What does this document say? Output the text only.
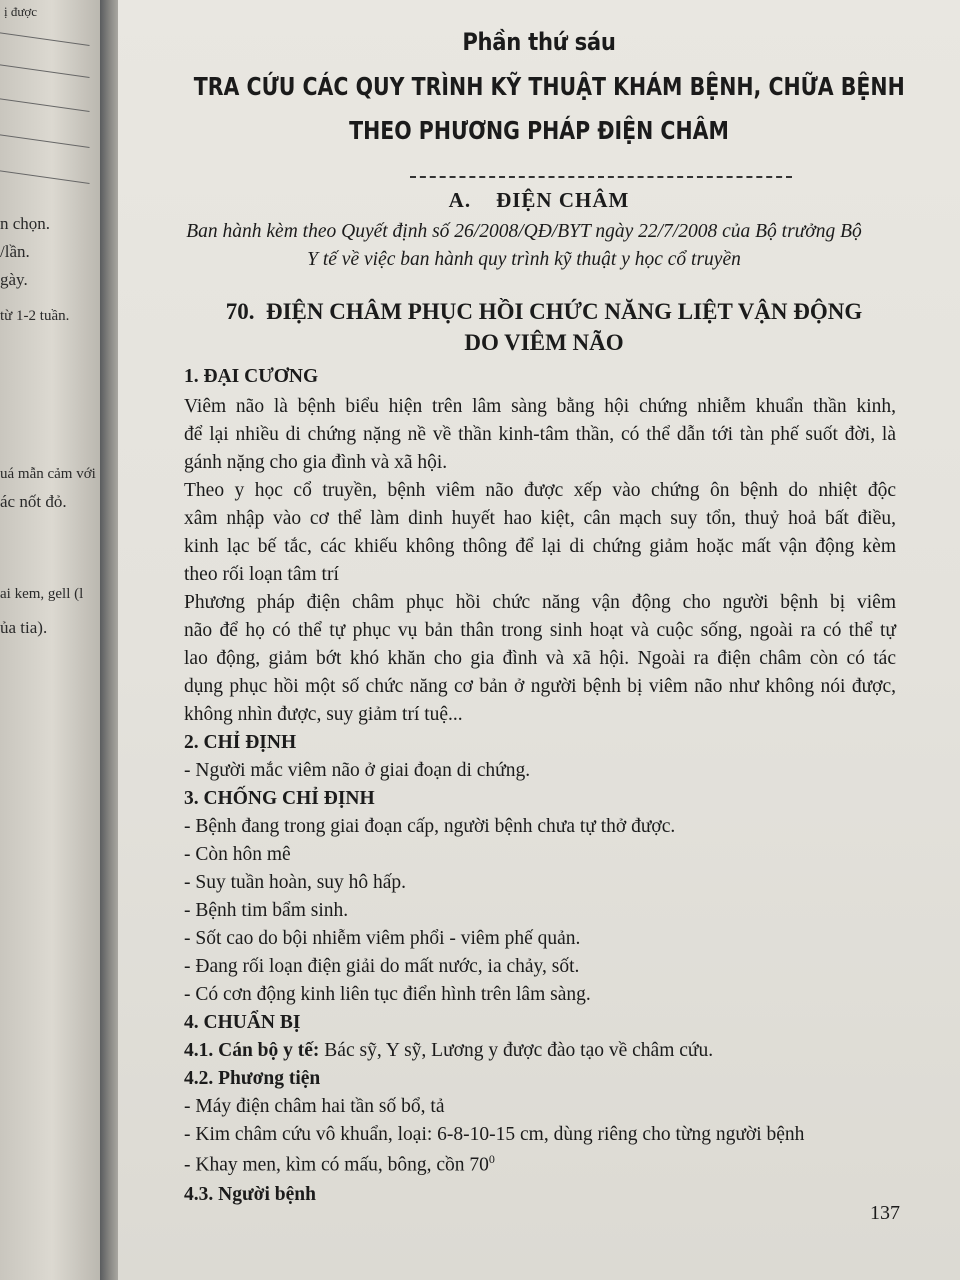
ị được
n chọn.
/lần.
gày.
từ 1-2 tuần.
uá mẫn cảm với
ác nốt đỏ.
ai kem, gell (l
ủa tia).
Phần thứ sáu
TRA CỨU CÁC QUY TRÌNH KỸ THUẬT KHÁM BỆNH, CHỮA BỆNH
THEO PHƯƠNG PHÁP ĐIỆN CHÂM
A.    ĐIỆN CHÂM
Ban hành kèm theo Quyết định số 26/2008/QĐ/BYT ngày 22/7/2008 của Bộ trưởng Bộ
Y tế về việc ban hành quy trình kỹ thuật y học cổ truyền
70.  ĐIỆN CHÂM PHỤC HỒI CHỨC NĂNG LIỆT VẬN ĐỘNG
DO VIÊM NÃO
1. ĐẠI CƯƠNG
Viêm não là bệnh biểu hiện trên lâm sàng bằng hội chứng nhiễm khuẩn thần kinh,
để lại nhiều di chứng nặng nề về thần kinh-tâm thần, có thể dẫn tới tàn phế suốt đời, là
gánh nặng cho gia đình và xã hội.
Theo y học cổ truyền, bệnh viêm não được xếp vào chứng ôn bệnh do nhiệt độc
xâm nhập vào cơ thể làm dinh huyết hao kiệt, cân mạch suy tổn, thuỷ hoả bất điều,
kinh lạc bế tắc, các khiếu không thông để lại di chứng giảm hoặc mất vận động kèm
theo rối loạn tâm trí
Phương pháp điện châm phục hồi chức năng vận động cho người bệnh bị viêm
não để họ có thể tự phục vụ bản thân trong sinh hoạt và cuộc sống, ngoài ra có thể tự
lao động, giảm bớt khó khăn cho gia đình và xã hội. Ngoài ra điện châm còn có tác
dụng phục hồi một số chức năng cơ bản ở người bệnh bị viêm não như không nói được,
không nhìn được, suy giảm trí tuệ...
2. CHỈ ĐỊNH
- Người mắc viêm não ở giai đoạn di chứng.
3. CHỐNG CHỈ ĐỊNH
- Bệnh đang trong giai đoạn cấp, người bệnh chưa tự thở được.
- Còn hôn mê
- Suy tuần hoàn, suy hô hấp.
- Bệnh tim bẩm sinh.
- Sốt cao do bội nhiễm viêm phổi - viêm phế quản.
- Đang rối loạn điện giải do mất nước, ia chảy, sốt.
- Có cơn động kinh liên tục điển hình trên lâm sàng.
4. CHUẨN BỊ
4.1. Cán bộ y tế: Bác sỹ, Y sỹ, Lương y được đào tạo về châm cứu.
4.2. Phương tiện
- Máy điện châm hai tần số bổ, tả
- Kim châm cứu vô khuẩn, loại: 6-8-10-15 cm, dùng riêng cho từng người bệnh
- Khay men, kìm có mấu, bông, cồn $70^0$
4.3. Người bệnh
137
